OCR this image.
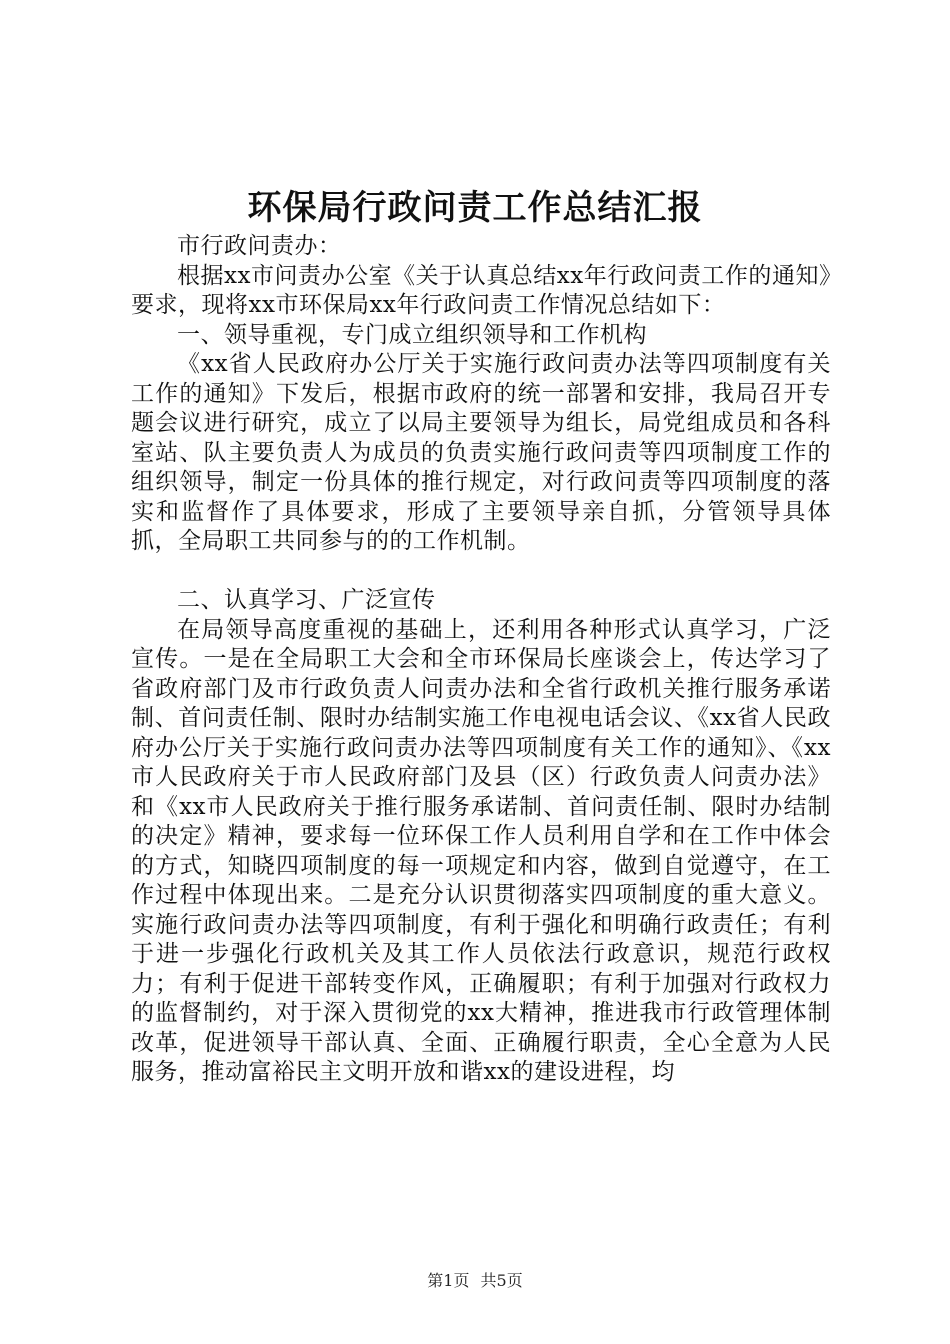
环保局行政问责工作总结汇报

市行政问责办：

根据xx市问责办公室《关于认真总结xx年行政问责工作的通知》要求，现将xx市环保局xx年行政问责工作情况总结如下：

一、领导重视，专门成立组织领导和工作机构

《xx省人民政府办公厅关于实施行政问责办法等四项制度有关工作的通知》下发后，根据市政府的统一部署和安排，我局召开专题会议进行研究，成立了以局主要领导为组长，局党组成员和各科室站、队主要负责人为成员的负责实施行政问责等四项制度工作的组织领导，制定一份具体的推行规定，对行政问责等四项制度的落实和监督作了具体要求，形成了主要领导亲自抓，分管领导具体抓，全局职工共同参与的的工作机制。

二、认真学习、广泛宣传

在局领导高度重视的基础上，还利用各种形式认真学习，广泛宣传。一是在全局职工大会和全市环保局长座谈会上，传达学习了省政府部门及市行政负责人问责办法和全省行政机关推行服务承诺制、首问责任制、限时办结制实施工作电视电话会议、《xx省人民政府办公厅关于实施行政问责办法等四项制度有关工作的通知》、《xx市人民政府关于市人民政府部门及县（区）行政负责人问责办法》和《xx市人民政府关于推行服务承诺制、首问责任制、限时办结制的决定》精神，要求每一位环保工作人员利用自学和在工作中体会的方式，知晓四项制度的每一项规定和内容，做到自觉遵守，在工作过程中体现出来。二是充分认识贯彻落实四项制度的重大意义。实施行政问责办法等四项制度，有利于强化和明确行政责任；有利于进一步强化行政机关及其工作人员依法行政意识，规范行政权力；有利于促进干部转变作风，正确履职；有利于加强对行政权力的监督制约，对于深入贯彻党的xx大精神，推进我市行政管理体制改革，促进领导干部认真、全面、正确履行职责，全心全意为人民服务，推动富裕民主文明开放和谐xx的建设进程，均

第1页 共5页
